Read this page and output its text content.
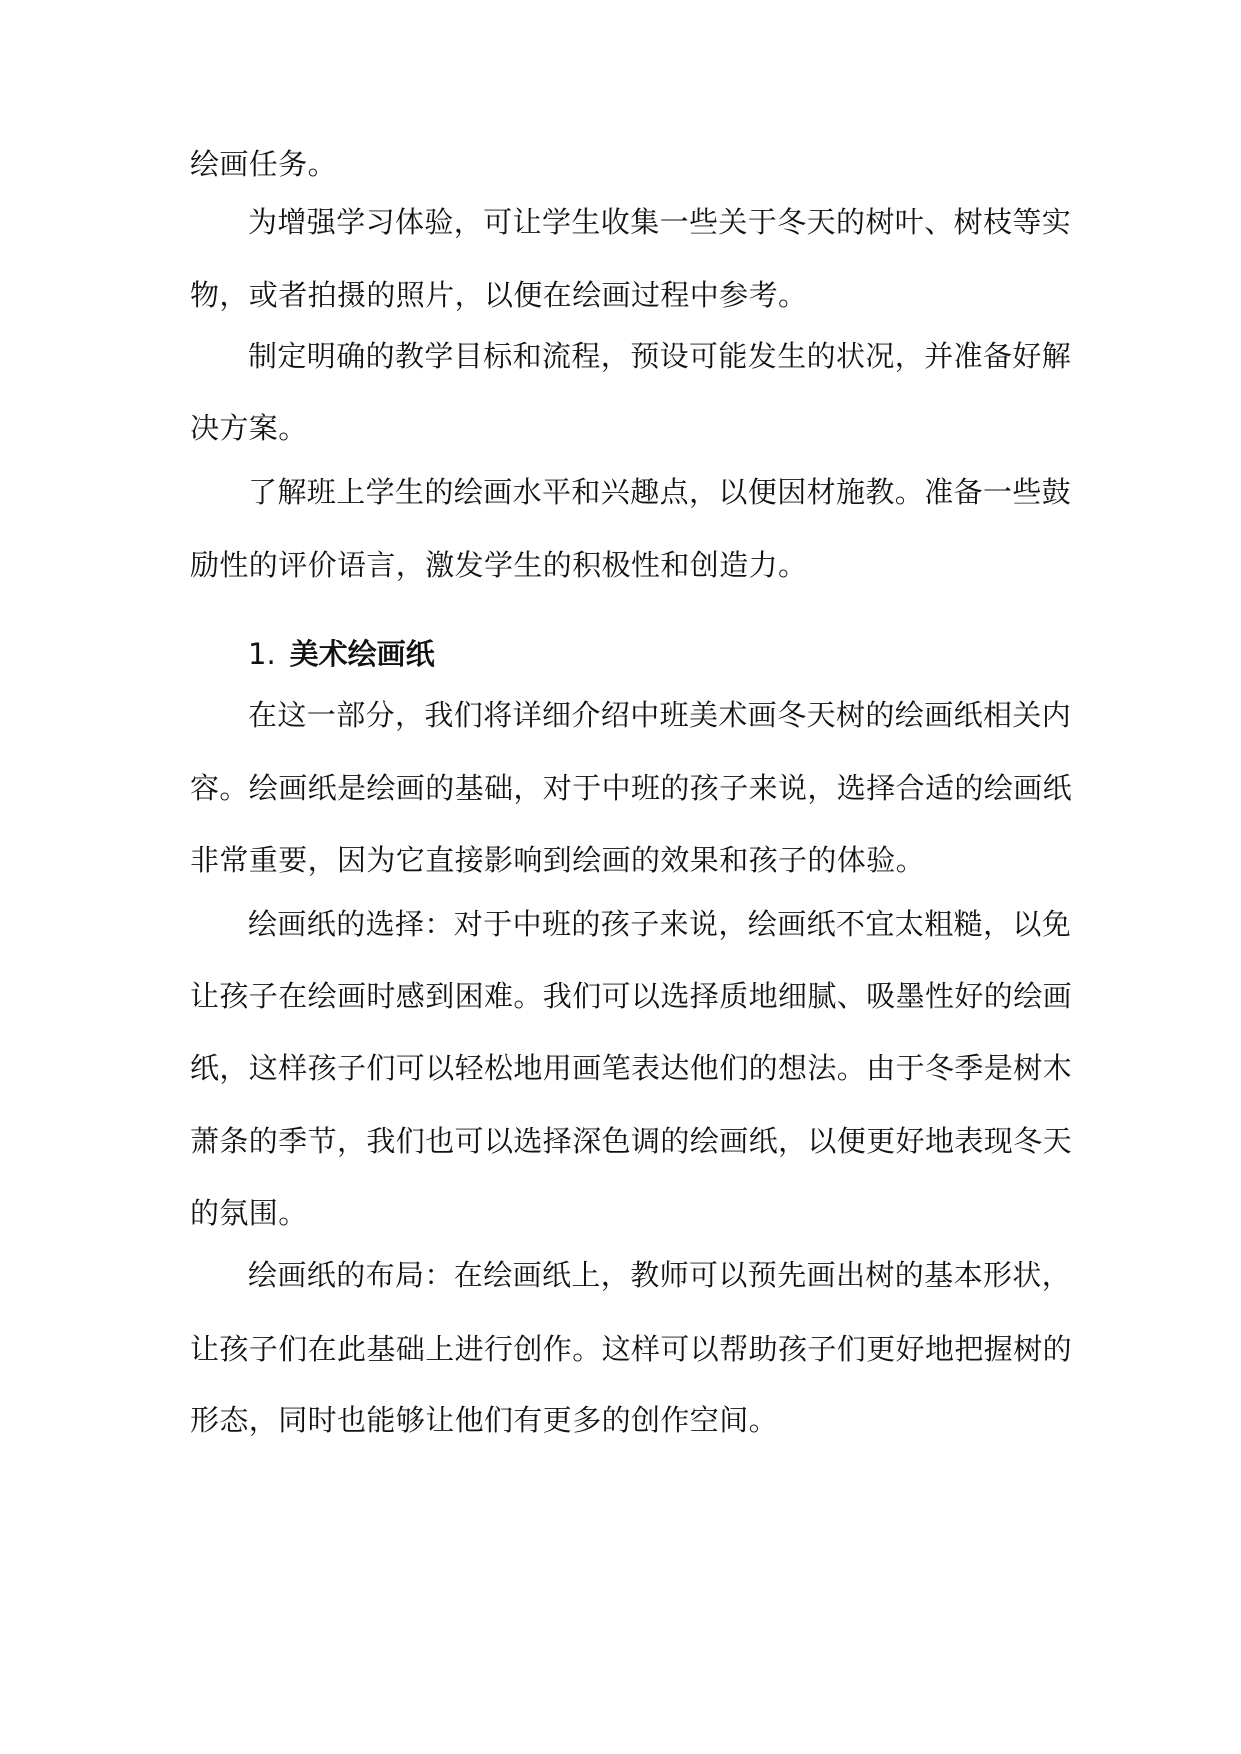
绘画任务。
为增强学习体验，可让学生收集一些关于冬天的树叶、树枝等实
物，或者拍摄的照片，以便在绘画过程中参考。
制定明确的教学目标和流程，预设可能发生的状况，并准备好解
决方案。
了解班上学生的绘画水平和兴趣点，以便因材施教。准备一些鼓
励性的评价语言，激发学生的积极性和创造力。
1. 美术绘画纸
在这一部分，我们将详细介绍中班美术画冬天树的绘画纸相关内
容。绘画纸是绘画的基础，对于中班的孩子来说，选择合适的绘画纸
非常重要，因为它直接影响到绘画的效果和孩子的体验。
绘画纸的选择：对于中班的孩子来说，绘画纸不宜太粗糙，以免
让孩子在绘画时感到困难。我们可以选择质地细腻、吸墨性好的绘画
纸，这样孩子们可以轻松地用画笔表达他们的想法。由于冬季是树木
萧条的季节，我们也可以选择深色调的绘画纸，以便更好地表现冬天
的氛围。
绘画纸的布局：在绘画纸上，教师可以预先画出树的基本形状，
让孩子们在此基础上进行创作。这样可以帮助孩子们更好地把握树的
形态，同时也能够让他们有更多的创作空间。
